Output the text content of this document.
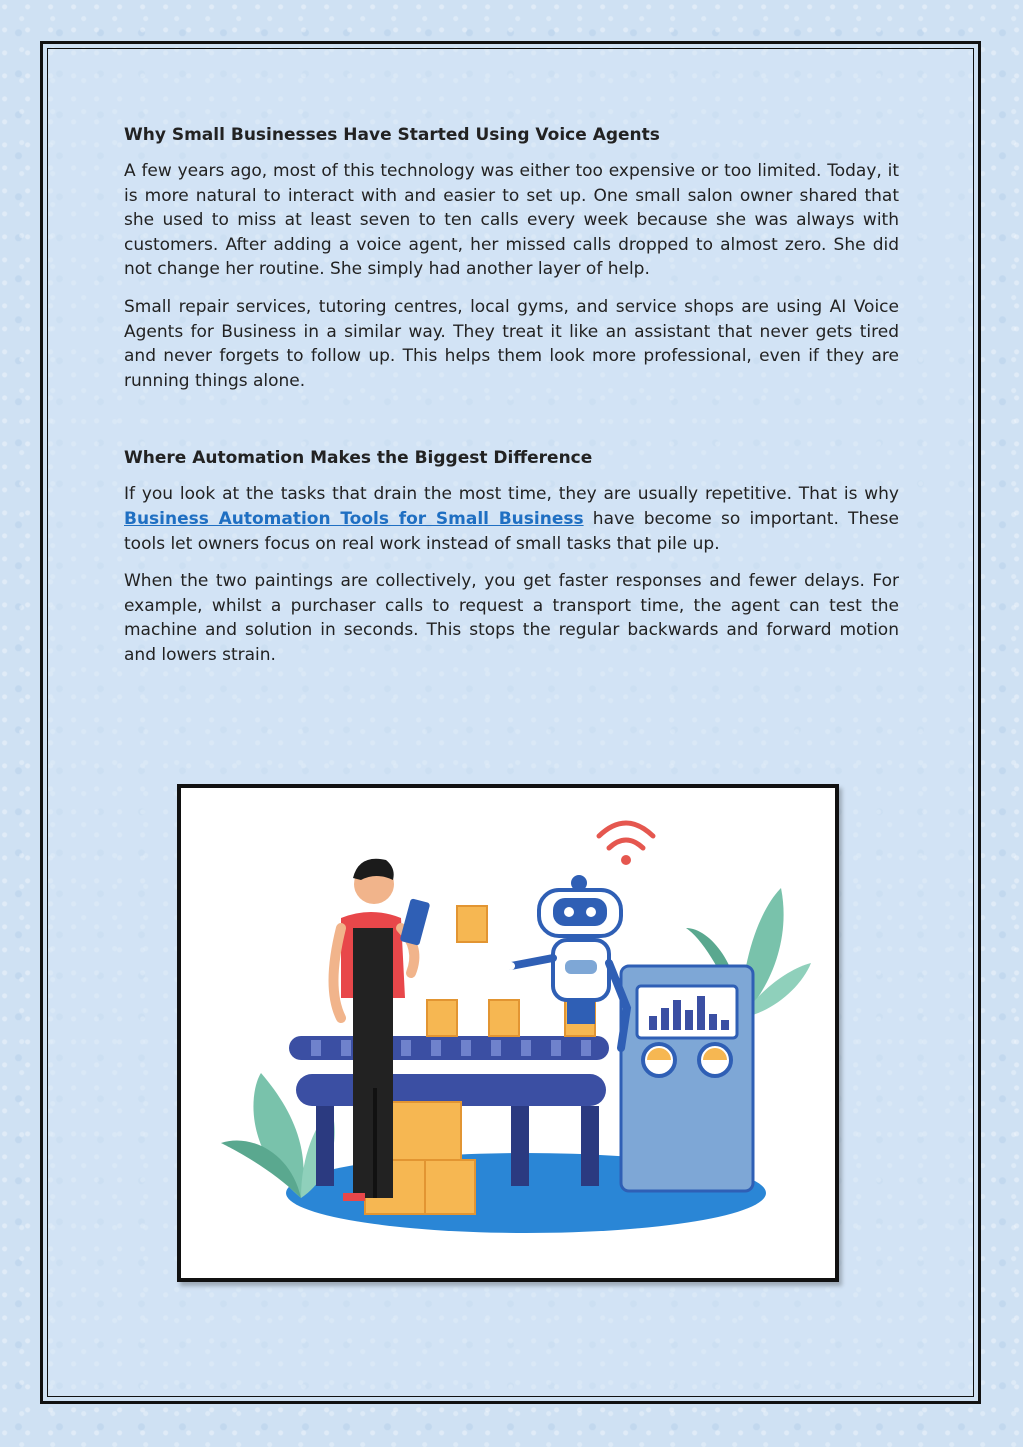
Why Small Businesses Have Started Using Voice Agents

A few years ago, most of this technology was either too expensive or too limited. Today, it is more natural to interact with and easier to set up. One small salon owner shared that she used to miss at least seven to ten calls every week because she was always with customers. After adding a voice agent, her missed calls dropped to almost zero. She did not change her routine. She simply had another layer of help.

Small repair services, tutoring centres, local gyms, and service shops are using AI Voice Agents for Business in a similar way. They treat it like an assistant that never gets tired and never forgets to follow up. This helps them look more professional, even if they are running things alone.

Where Automation Makes the Biggest Difference

If you look at the tasks that drain the most time, they are usually repetitive. That is why Business Automation Tools for Small Business have become so important. These tools let owners focus on real work instead of small tasks that pile up.

When the two paintings are collectively, you get faster responses and fewer delays. For example, whilst a purchaser calls to request a transport time, the agent can test the machine and solution in seconds. This stops the regular backwards and forward motion and lowers strain.
